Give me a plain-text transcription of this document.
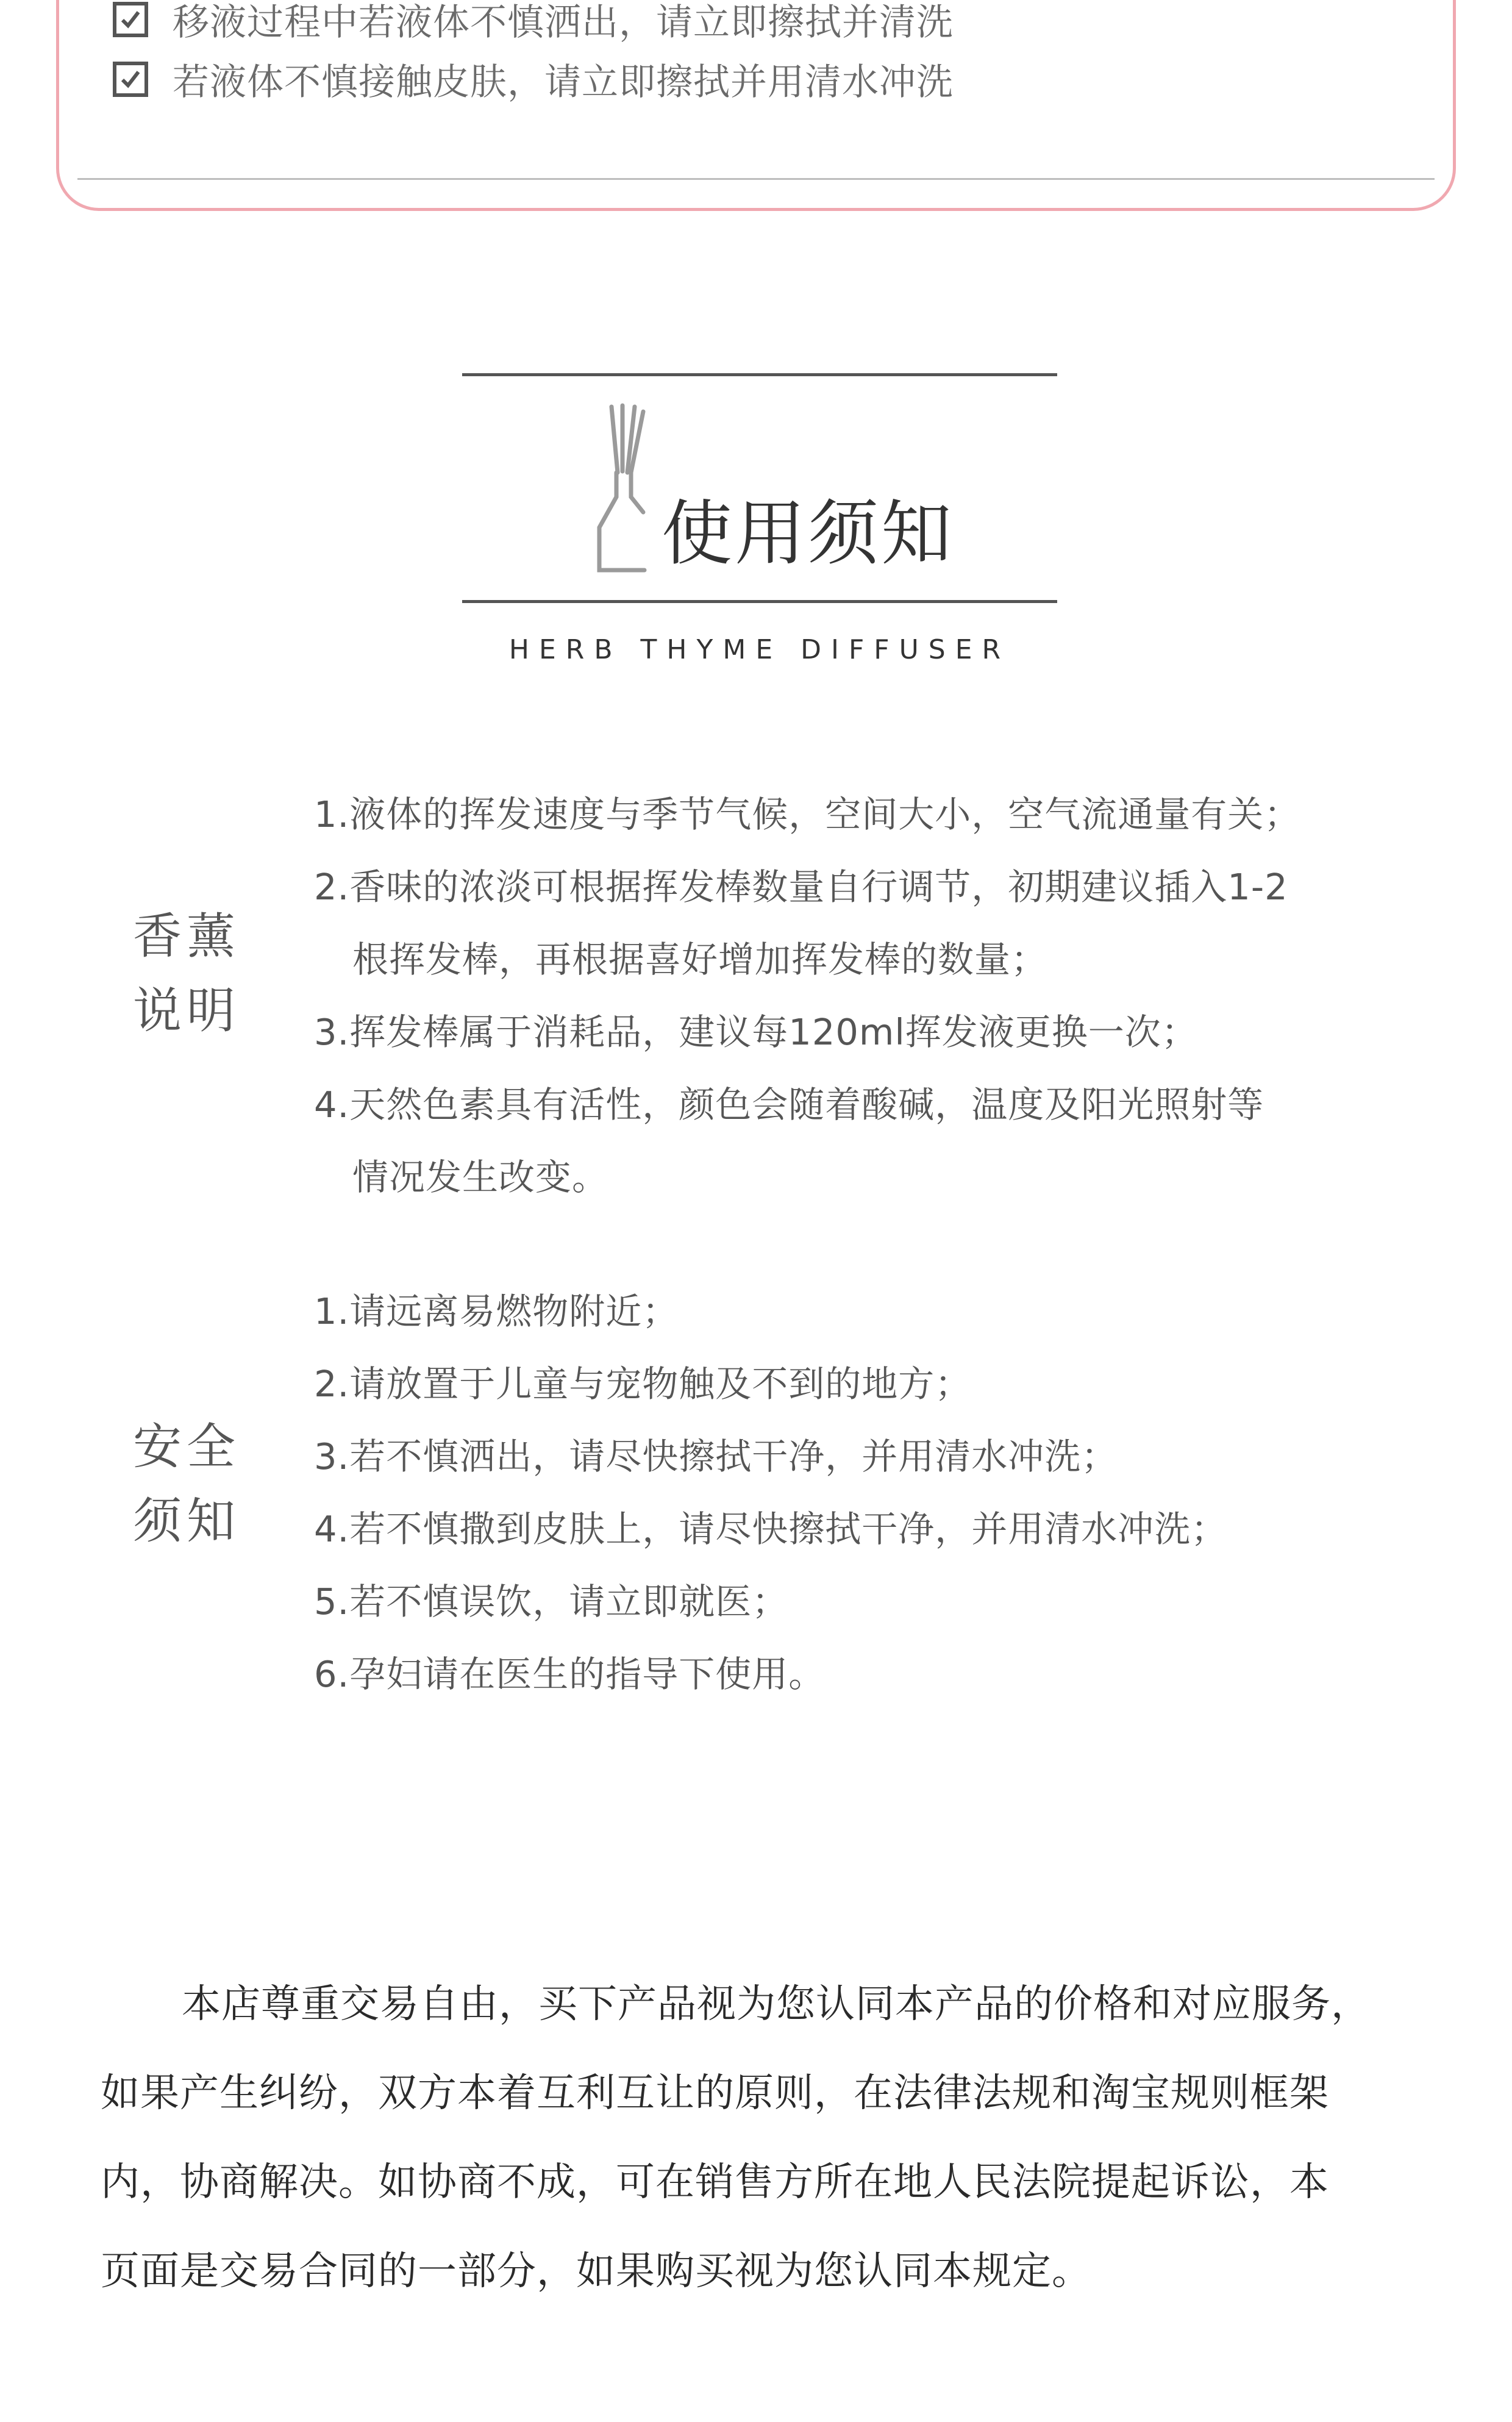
移液过程中若液体不慎洒出，请立即擦拭并清洗
若液体不慎接触皮肤，请立即擦拭并用清水冲洗
使用须知
HERB THYME DIFFUSER
香薰
说明
1.液体的挥发速度与季节气候，空间大小，空气流通量有关；
2.香味的浓淡可根据挥发棒数量自行调节，初期建议插入1-2
根挥发棒，再根据喜好增加挥发棒的数量；
3.挥发棒属于消耗品，建议每120ml挥发液更换一次；
4.天然色素具有活性，颜色会随着酸碱，温度及阳光照射等
情况发生改变。
安全
须知
1.请远离易燃物附近；
2.请放置于儿童与宠物触及不到的地方；
3.若不慎洒出，请尽快擦拭干净，并用清水冲洗；
4.若不慎撒到皮肤上，请尽快擦拭干净，并用清水冲洗；
5.若不慎误饮，请立即就医；
6.孕妇请在医生的指导下使用。
本店尊重交易自由，买下产品视为您认同本产品的价格和对应服务，
如果产生纠纷，双方本着互利互让的原则，在法律法规和淘宝规则框架
内，协商解决。如协商不成，可在销售方所在地人民法院提起诉讼，本
页面是交易合同的一部分，如果购买视为您认同本规定。
